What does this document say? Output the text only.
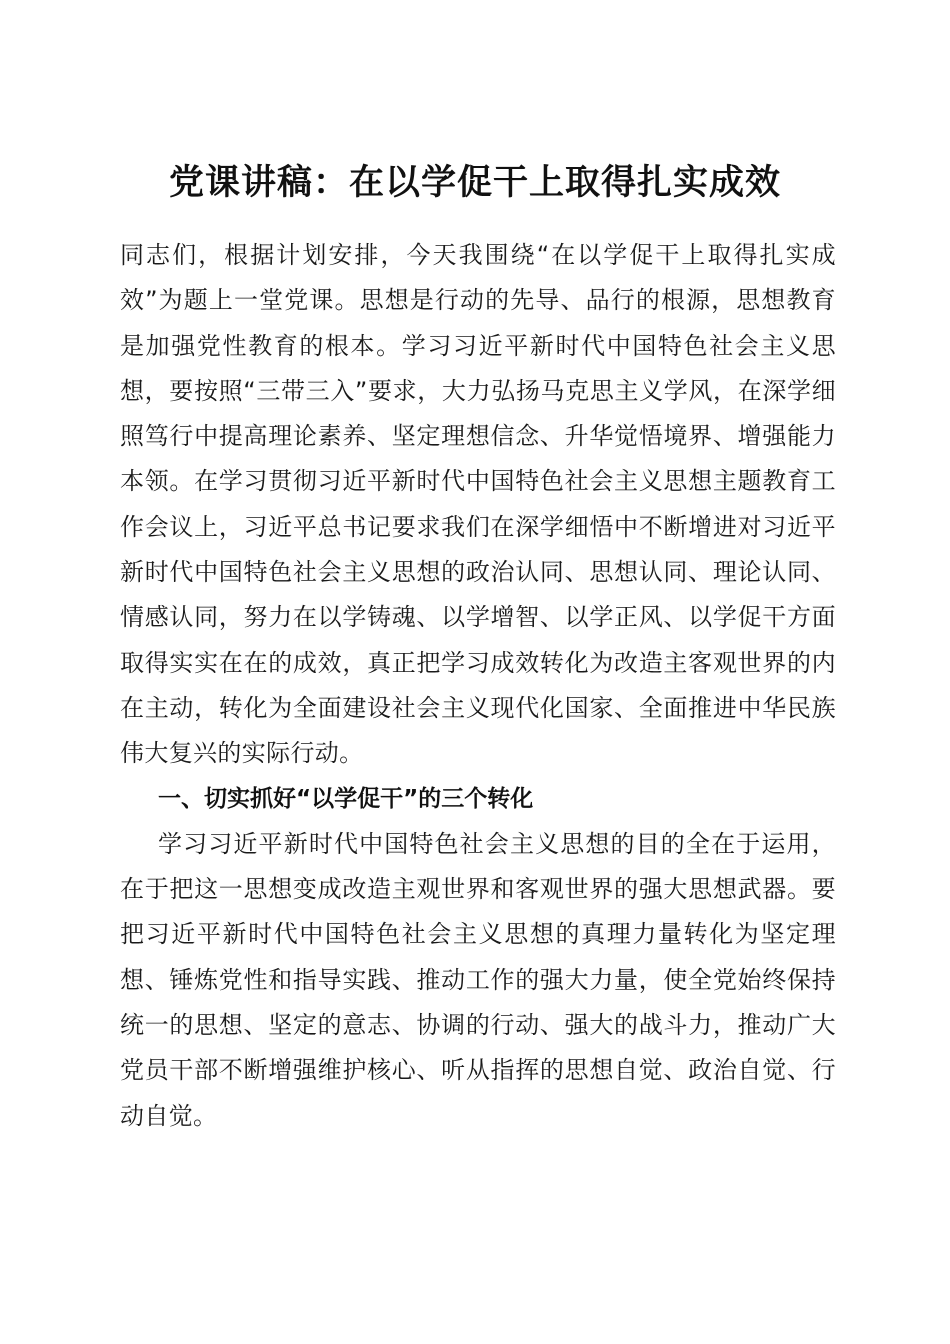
党课讲稿：在以学促干上取得扎实成效

同志们，根据计划安排，今天我围绕“在以学促干上取得扎实成效”为题上一堂党课。思想是行动的先导、品行的根源，思想教育是加强党性教育的根本。学习习近平新时代中国特色社会主义思想，要按照“三带三入”要求，大力弘扬马克思主义学风，在深学细照笃行中提高理论素养、坚定理想信念、升华觉悟境界、增强能力本领。在学习贯彻习近平新时代中国特色社会主义思想主题教育工作会议上，习近平总书记要求我们在深学细悟中不断增进对习近平新时代中国特色社会主义思想的政治认同、思想认同、理论认同、情感认同，努力在以学铸魂、以学增智、以学正风、以学促干方面取得实实在在的成效，真正把学习成效转化为改造主客观世界的内在主动，转化为全面建设社会主义现代化国家、全面推进中华民族伟大复兴的实际行动。

一、切实抓好“以学促干”的三个转化

学习习近平新时代中国特色社会主义思想的目的全在于运用，在于把这一思想变成改造主观世界和客观世界的强大思想武器。要把习近平新时代中国特色社会主义思想的真理力量转化为坚定理想、锤炼党性和指导实践、推动工作的强大力量，使全党始终保持统一的思想、坚定的意志、协调的行动、强大的战斗力，推动广大党员干部不断增强维护核心、听从指挥的思想自觉、政治自觉、行动自觉。
